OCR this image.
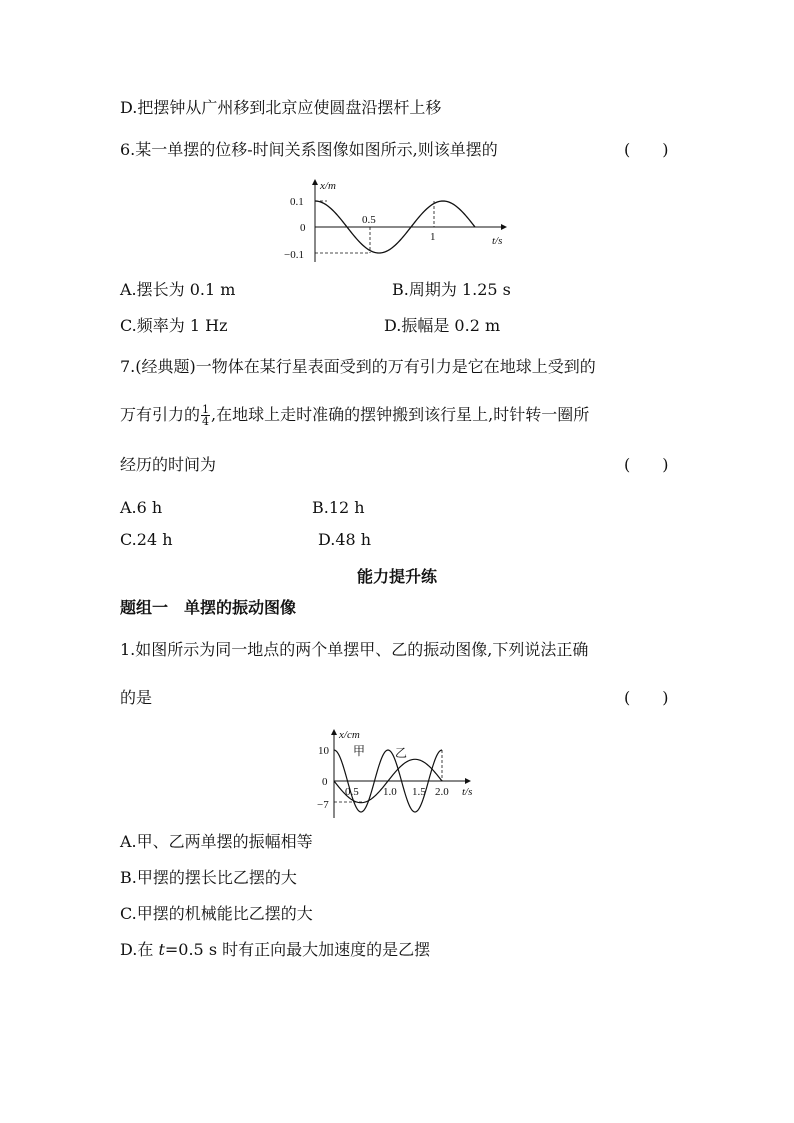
D.把摆钟从广州移到北京应使圆盘沿摆杆上移
6.某一单摆的位移-时间关系图像如图所示,则该单摆的	(　　)
x/m
t/s
0.1
0
−0.1
0.5
1
A.摆长为 0.1 m	B.周期为 1.25 s
C.频率为 1 Hz	D.振幅是 0.2 m
7.(经典题)一物体在某行星表面受到的万有引力是它在地球上受到的
万有引力的 $\frac{1}{4}$ ,在地球上走时准确的摆钟搬到该行星上,时针转一圈所
经历的时间为	(　　)
A.6 h	B.12 h
C.24 h	D.48 h
能力提升练
题组一　单摆的振动图像
1.如图所示为同一地点的两个单摆甲、乙的振动图像,下列说法正确
的是	(　　)
x/cm
t/s
10
0
−7
0.5 1.0 1.5 2.0
甲 乙
A.甲、乙两单摆的振幅相等
B.甲摆的摆长比乙摆的大
C.甲摆的机械能比乙摆的大
D.在 t=0.5 s 时有正向最大加速度的是乙摆
